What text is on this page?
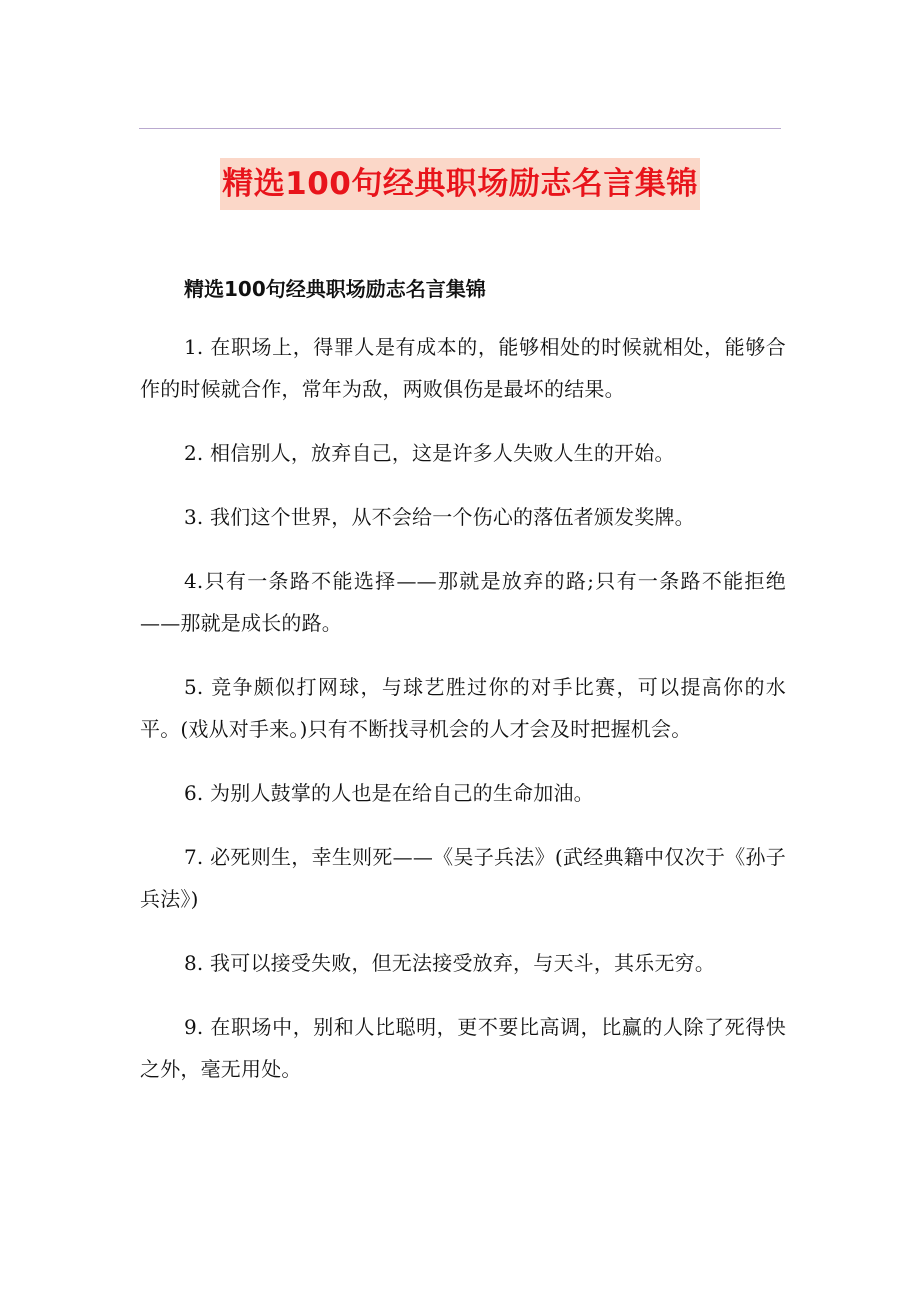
精选100句经典职场励志名言集锦

精选100句经典职场励志名言集锦

1. 在职场上，得罪人是有成本的，能够相处的时候就相处，能够合作的时候就合作，常年为敌，两败俱伤是最坏的结果。

2. 相信别人，放弃自己，这是许多人失败人生的开始。

3. 我们这个世界，从不会给一个伤心的落伍者颁发奖牌。

4.只有一条路不能选择——那就是放弃的路;只有一条路不能拒绝——那就是成长的路。

5. 竞争颇似打网球，与球艺胜过你的对手比赛，可以提高你的水平。(戏从对手来。)只有不断找寻机会的人才会及时把握机会。

6. 为别人鼓掌的人也是在给自己的生命加油。

7. 必死则生，幸生则死——《吴子兵法》(武经典籍中仅次于《孙子兵法》)

8. 我可以接受失败，但无法接受放弃，与天斗，其乐无穷。

9. 在职场中，别和人比聪明，更不要比高调，比赢的人除了死得快之外，毫无用处。
